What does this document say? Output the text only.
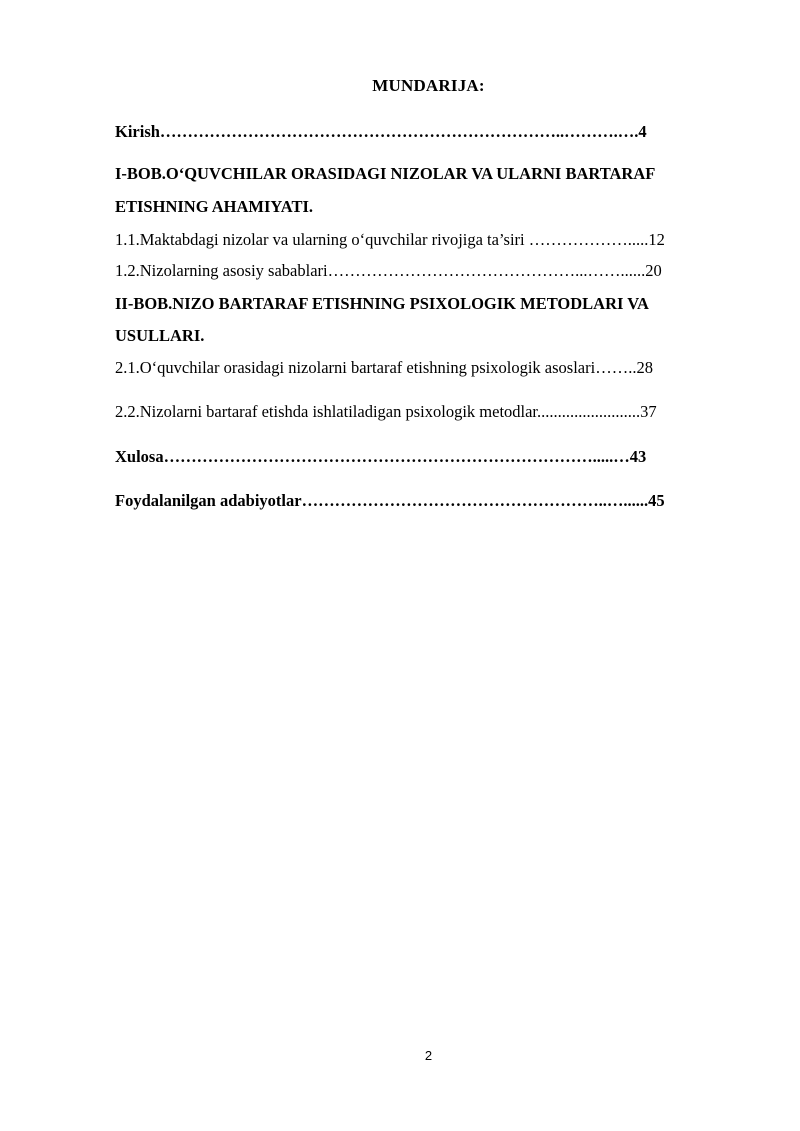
MUNDARIJA:
Kirish………………………………………………………………..……….….4
I-BOB.O‘QUVCHILAR ORASIDAGI NIZOLAR VA ULARNI BARTARAF
ETISHNING AHAMIYATI.
1.1.Maktabdagi nizolar va ularning o‘quvchilar rivojiga ta’siri ……………….....12
1.2.Nizolarning asosiy sabablari………………………………………...……......20
II-BOB.NIZO BARTARAF ETISHNING PSIXOLOGIK METODLARI VA
USULLARI.
2.1.O‘quvchilar orasidagi nizolarni bartaraf etishning psixologik asoslari……..28
2.2.Nizolarni bartaraf etishda ishlatiladigan psixologik metodlar.........................37
Xulosa…………………………………………………………………….....…43
Foydalanilgan adabiyotlar………………………………………………..…......45
2
